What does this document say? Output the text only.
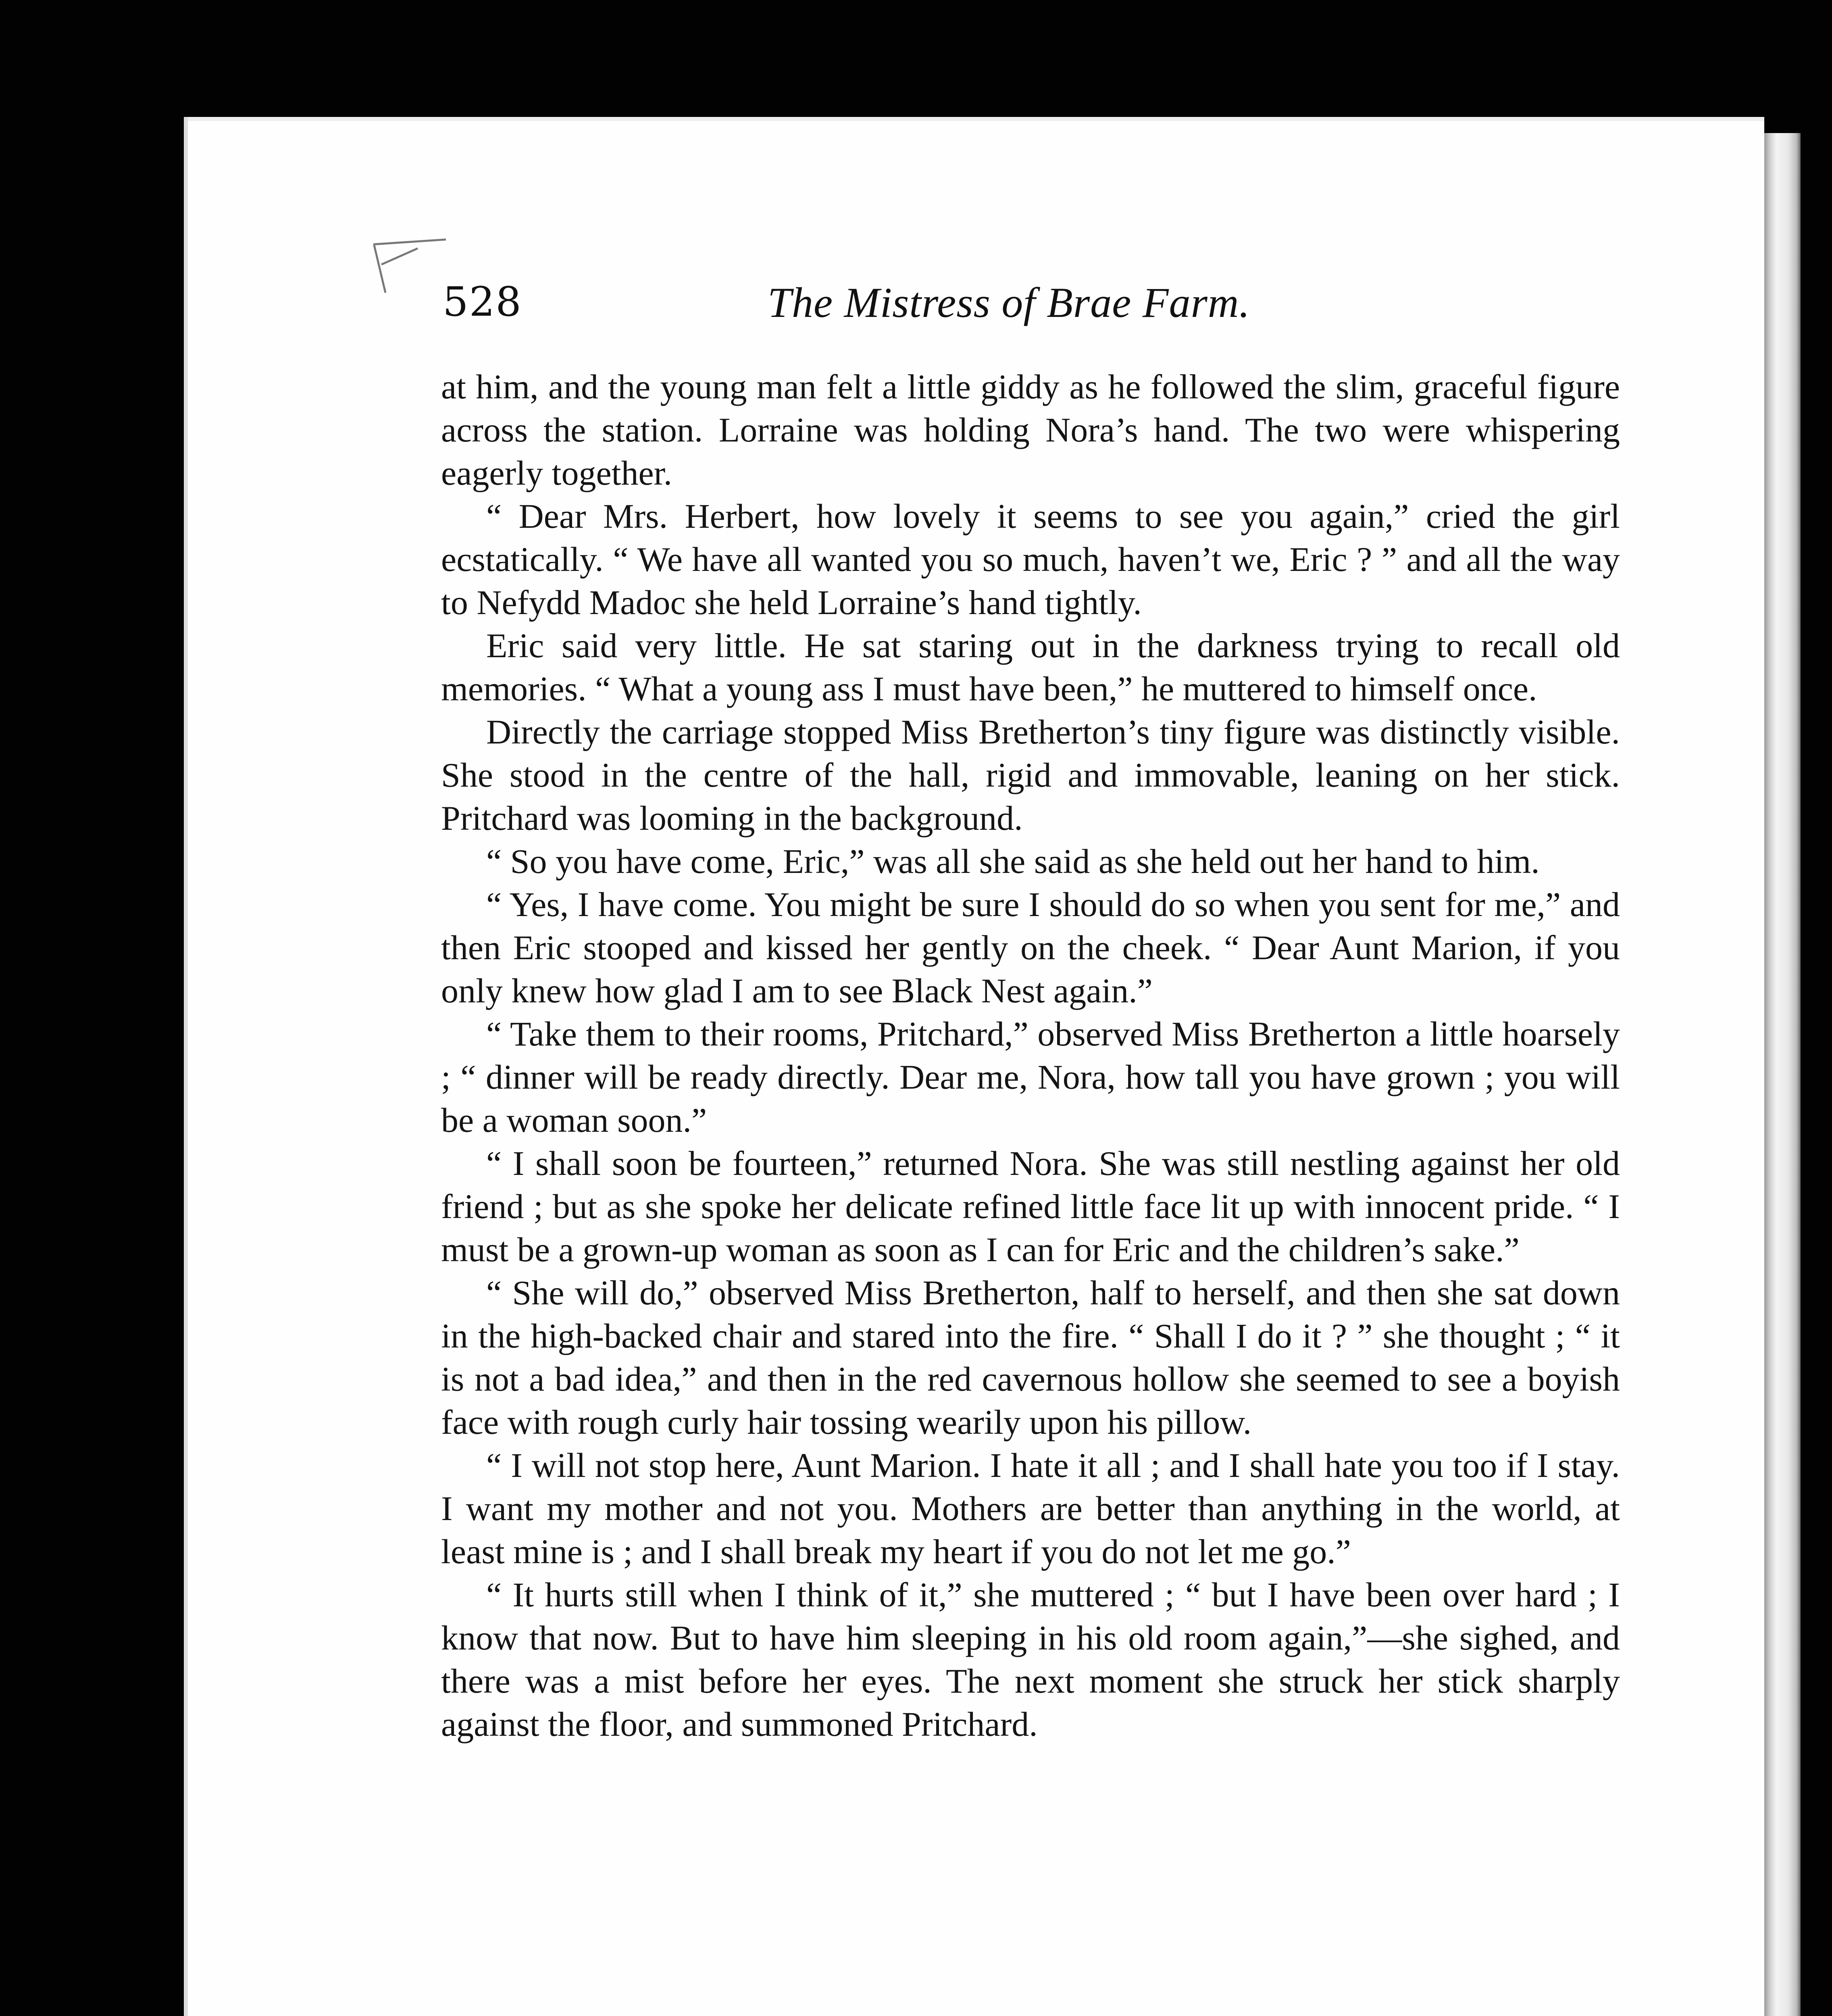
528	The Mistress of Brae Farm.

at him, and the young man felt a little giddy as he followed the slim, graceful figure across the station. Lorraine was holding Nora’s hand. The two were whispering eagerly together.

“ Dear Mrs. Herbert, how lovely it seems to see you again,” cried the girl ecstatically. “ We have all wanted you so much, haven’t we, Eric ? ” and all the way to Nefydd Madoc she held Lorraine’s hand tightly.

Eric said very little. He sat staring out in the darkness trying to recall old memories. “ What a young ass I must have been,” he muttered to himself once.

Directly the carriage stopped Miss Bretherton’s tiny figure was distinctly visible. She stood in the centre of the hall, rigid and immovable, leaning on her stick. Pritchard was looming in the background.

“ So you have come, Eric,” was all she said as she held out her hand to him.

“ Yes, I have come. You might be sure I should do so when you sent for me,” and then Eric stooped and kissed her gently on the cheek. “ Dear Aunt Marion, if you only knew how glad I am to see Black Nest again.”

“ Take them to their rooms, Pritchard,” observed Miss Bretherton a little hoarsely ; “ dinner will be ready directly. Dear me, Nora, how tall you have grown ; you will be a woman soon.”

“ I shall soon be fourteen,” returned Nora. She was still nestling against her old friend ; but as she spoke her delicate refined little face lit up with innocent pride. “ I must be a grown-up woman as soon as I can for Eric and the children’s sake.”

“ She will do,” observed Miss Bretherton, half to herself, and then she sat down in the high-backed chair and stared into the fire. “ Shall I do it ? ” she thought ; “ it is not a bad idea,” and then in the red cavernous hollow she seemed to see a boyish face with rough curly hair tossing wearily upon his pillow.

“ I will not stop here, Aunt Marion. I hate it all ; and I shall hate you too if I stay. I want my mother and not you. Mothers are better than anything in the world, at least mine is ; and I shall break my heart if you do not let me go.”

“ It hurts still when I think of it,” she muttered ; “ but I have been over hard ; I know that now. But to have him sleeping in his old room again,”—she sighed, and there was a mist before her eyes. The next moment she struck her stick sharply against the floor, and summoned Pritchard.
